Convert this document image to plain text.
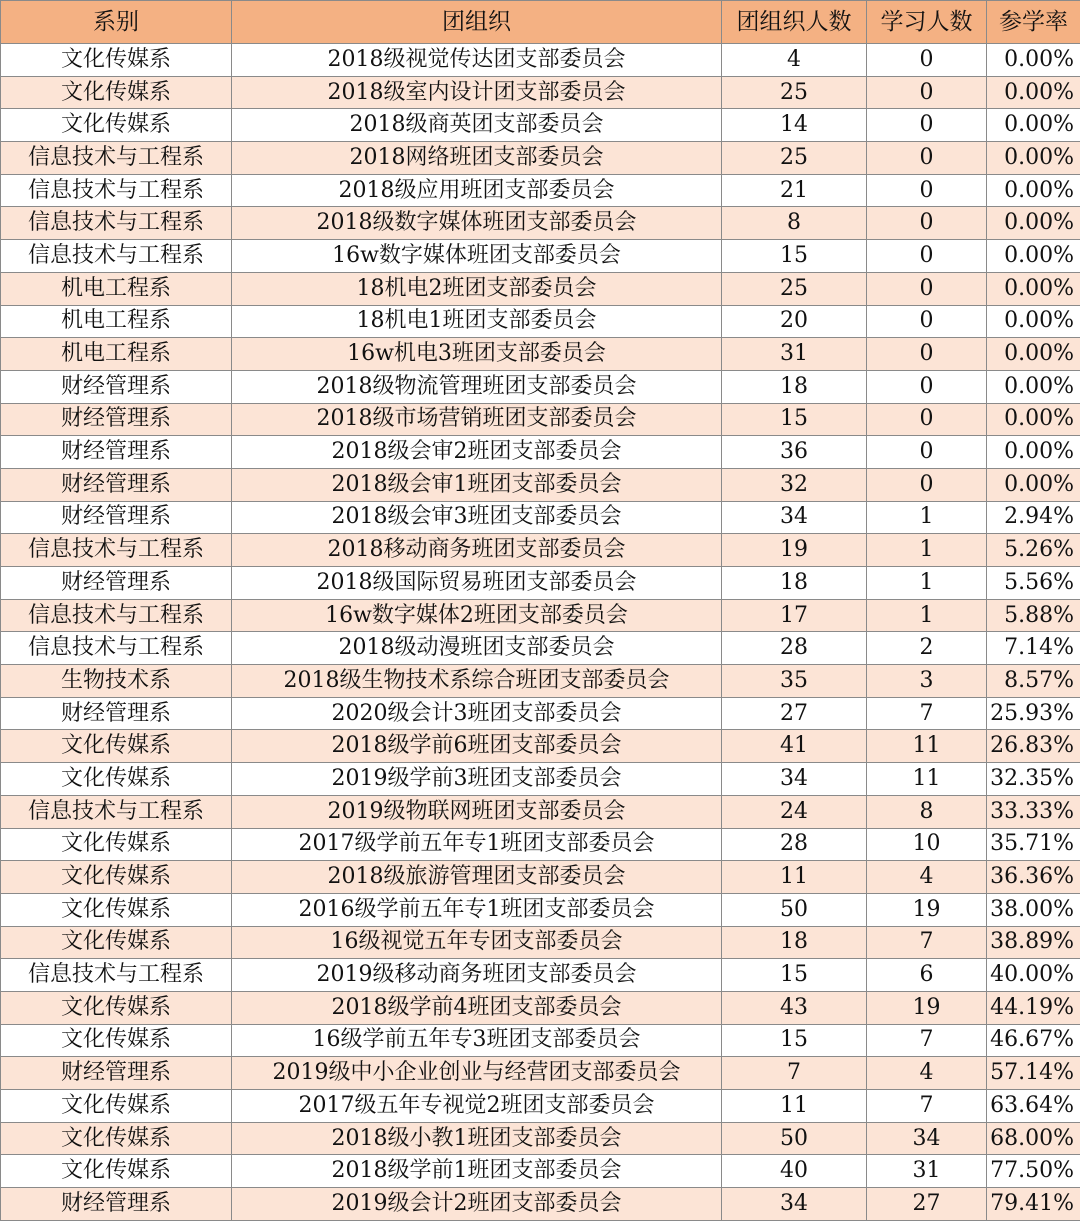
系别	团组织	团组织人数	学习人数	参学率
文化传媒系	2018级视觉传达团支部委员会	4	0	0.00%
文化传媒系	2018级室内设计团支部委员会	25	0	0.00%
文化传媒系	2018级商英团支部委员会	14	0	0.00%
信息技术与工程系	2018网络班团支部委员会	25	0	0.00%
信息技术与工程系	2018级应用班团支部委员会	21	0	0.00%
信息技术与工程系	2018级数字媒体班团支部委员会	8	0	0.00%
信息技术与工程系	16w数字媒体班团支部委员会	15	0	0.00%
机电工程系	18机电2班团支部委员会	25	0	0.00%
机电工程系	18机电1班团支部委员会	20	0	0.00%
机电工程系	16w机电3班团支部委员会	31	0	0.00%
财经管理系	2018级物流管理班团支部委员会	18	0	0.00%
财经管理系	2018级市场营销班团支部委员会	15	0	0.00%
财经管理系	2018级会审2班团支部委员会	36	0	0.00%
财经管理系	2018级会审1班团支部委员会	32	0	0.00%
财经管理系	2018级会审3班团支部委员会	34	1	2.94%
信息技术与工程系	2018移动商务班团支部委员会	19	1	5.26%
财经管理系	2018级国际贸易班团支部委员会	18	1	5.56%
信息技术与工程系	16w数字媒体2班团支部委员会	17	1	5.88%
信息技术与工程系	2018级动漫班团支部委员会	28	2	7.14%
生物技术系	2018级生物技术系综合班团支部委员会	35	3	8.57%
财经管理系	2020级会计3班团支部委员会	27	7	25.93%
文化传媒系	2018级学前6班团支部委员会	41	11	26.83%
文化传媒系	2019级学前3班团支部委员会	34	11	32.35%
信息技术与工程系	2019级物联网班团支部委员会	24	8	33.33%
文化传媒系	2017级学前五年专1班团支部委员会	28	10	35.71%
文化传媒系	2018级旅游管理团支部委员会	11	4	36.36%
文化传媒系	2016级学前五年专1班团支部委员会	50	19	38.00%
文化传媒系	16级视觉五年专团支部委员会	18	7	38.89%
信息技术与工程系	2019级移动商务班团支部委员会	15	6	40.00%
文化传媒系	2018级学前4班团支部委员会	43	19	44.19%
文化传媒系	16级学前五年专3班团支部委员会	15	7	46.67%
财经管理系	2019级中小企业创业与经营团支部委员会	7	4	57.14%
文化传媒系	2017级五年专视觉2班团支部委员会	11	7	63.64%
文化传媒系	2018级小教1班团支部委员会	50	34	68.00%
文化传媒系	2018级学前1班团支部委员会	40	31	77.50%
财经管理系	2019级会计2班团支部委员会	34	27	79.41%
